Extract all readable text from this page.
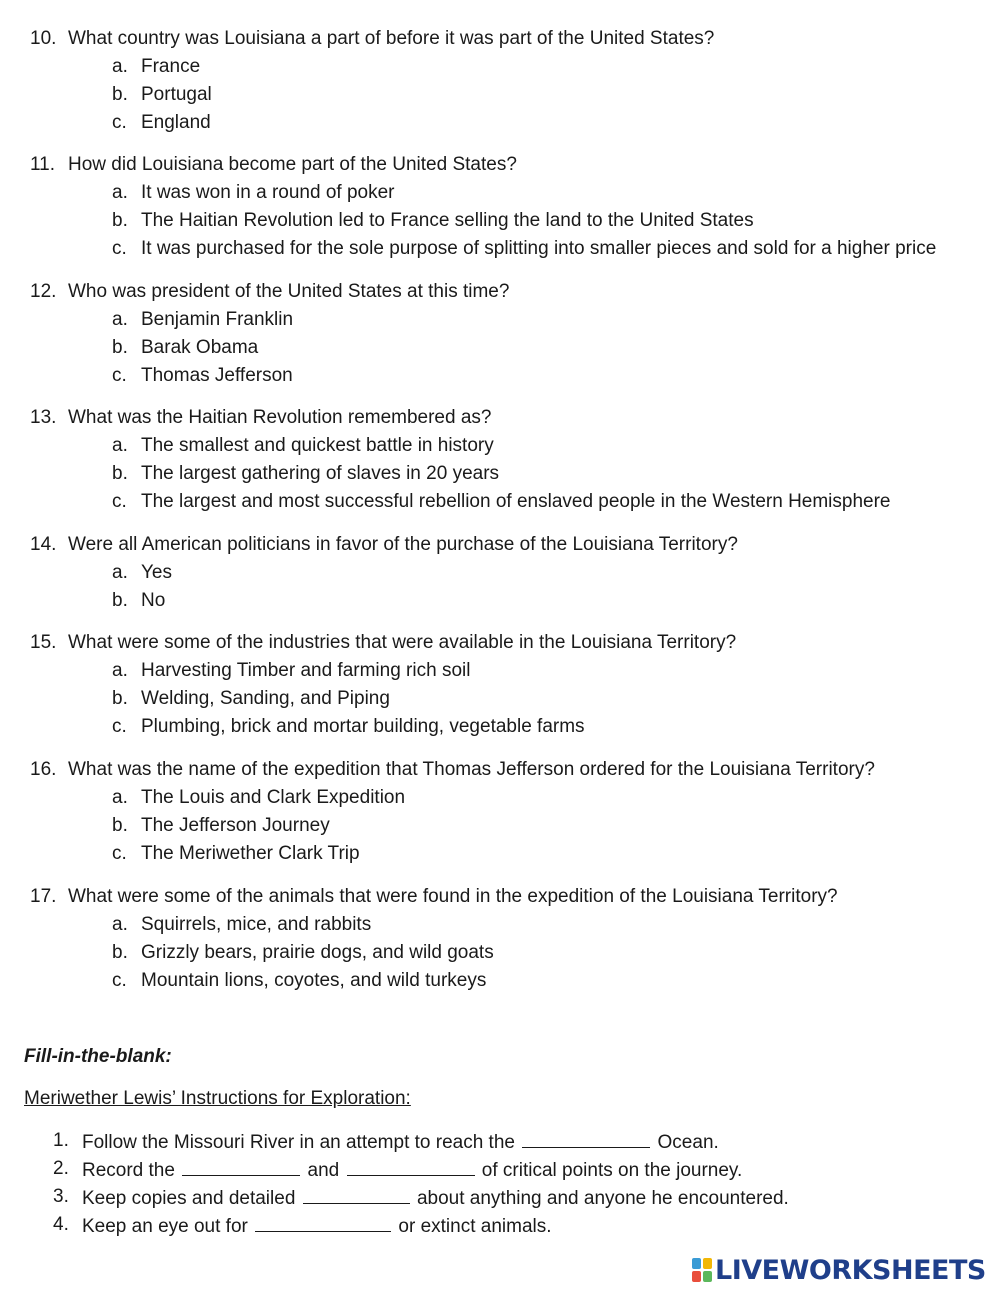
10. What country was Louisiana a part of before it was part of the United States?
a. France
b. Portugal
c. England
11. How did Louisiana become part of the United States?
a. It was won in a round of poker
b. The Haitian Revolution led to France selling the land to the United States
c. It was purchased for the sole purpose of splitting into smaller pieces and sold for a higher price
12. Who was president of the United States at this time?
a. Benjamin Franklin
b. Barak Obama
c. Thomas Jefferson
13. What was the Haitian Revolution remembered as?
a. The smallest and quickest battle in history
b. The largest gathering of slaves in 20 years
c. The largest and most successful rebellion of enslaved people in the Western Hemisphere
14. Were all American politicians in favor of the purchase of the Louisiana Territory?
a. Yes
b. No
15. What were some of the industries that were available in the Louisiana Territory?
a. Harvesting Timber and farming rich soil
b. Welding, Sanding, and Piping
c. Plumbing, brick and mortar building, vegetable farms
16. What was the name of the expedition that Thomas Jefferson ordered for the Louisiana Territory?
a. The Louis and Clark Expedition
b. The Jefferson Journey
c. The Meriwether Clark Trip
17. What were some of the animals that were found in the expedition of the Louisiana Territory?
a. Squirrels, mice, and rabbits
b. Grizzly bears, prairie dogs, and wild goats
c. Mountain lions, coyotes, and wild turkeys
Fill-in-the-blank:
Meriwether Lewis’ Instructions for Exploration:
1. Follow the Missouri River in an attempt to reach the	Ocean.
2. Record the	and	of critical points on the journey.
3. Keep copies and detailed	about anything and anyone he encountered.
4. Keep an eye out for	or extinct animals.
LIVEWORKSHEETS
